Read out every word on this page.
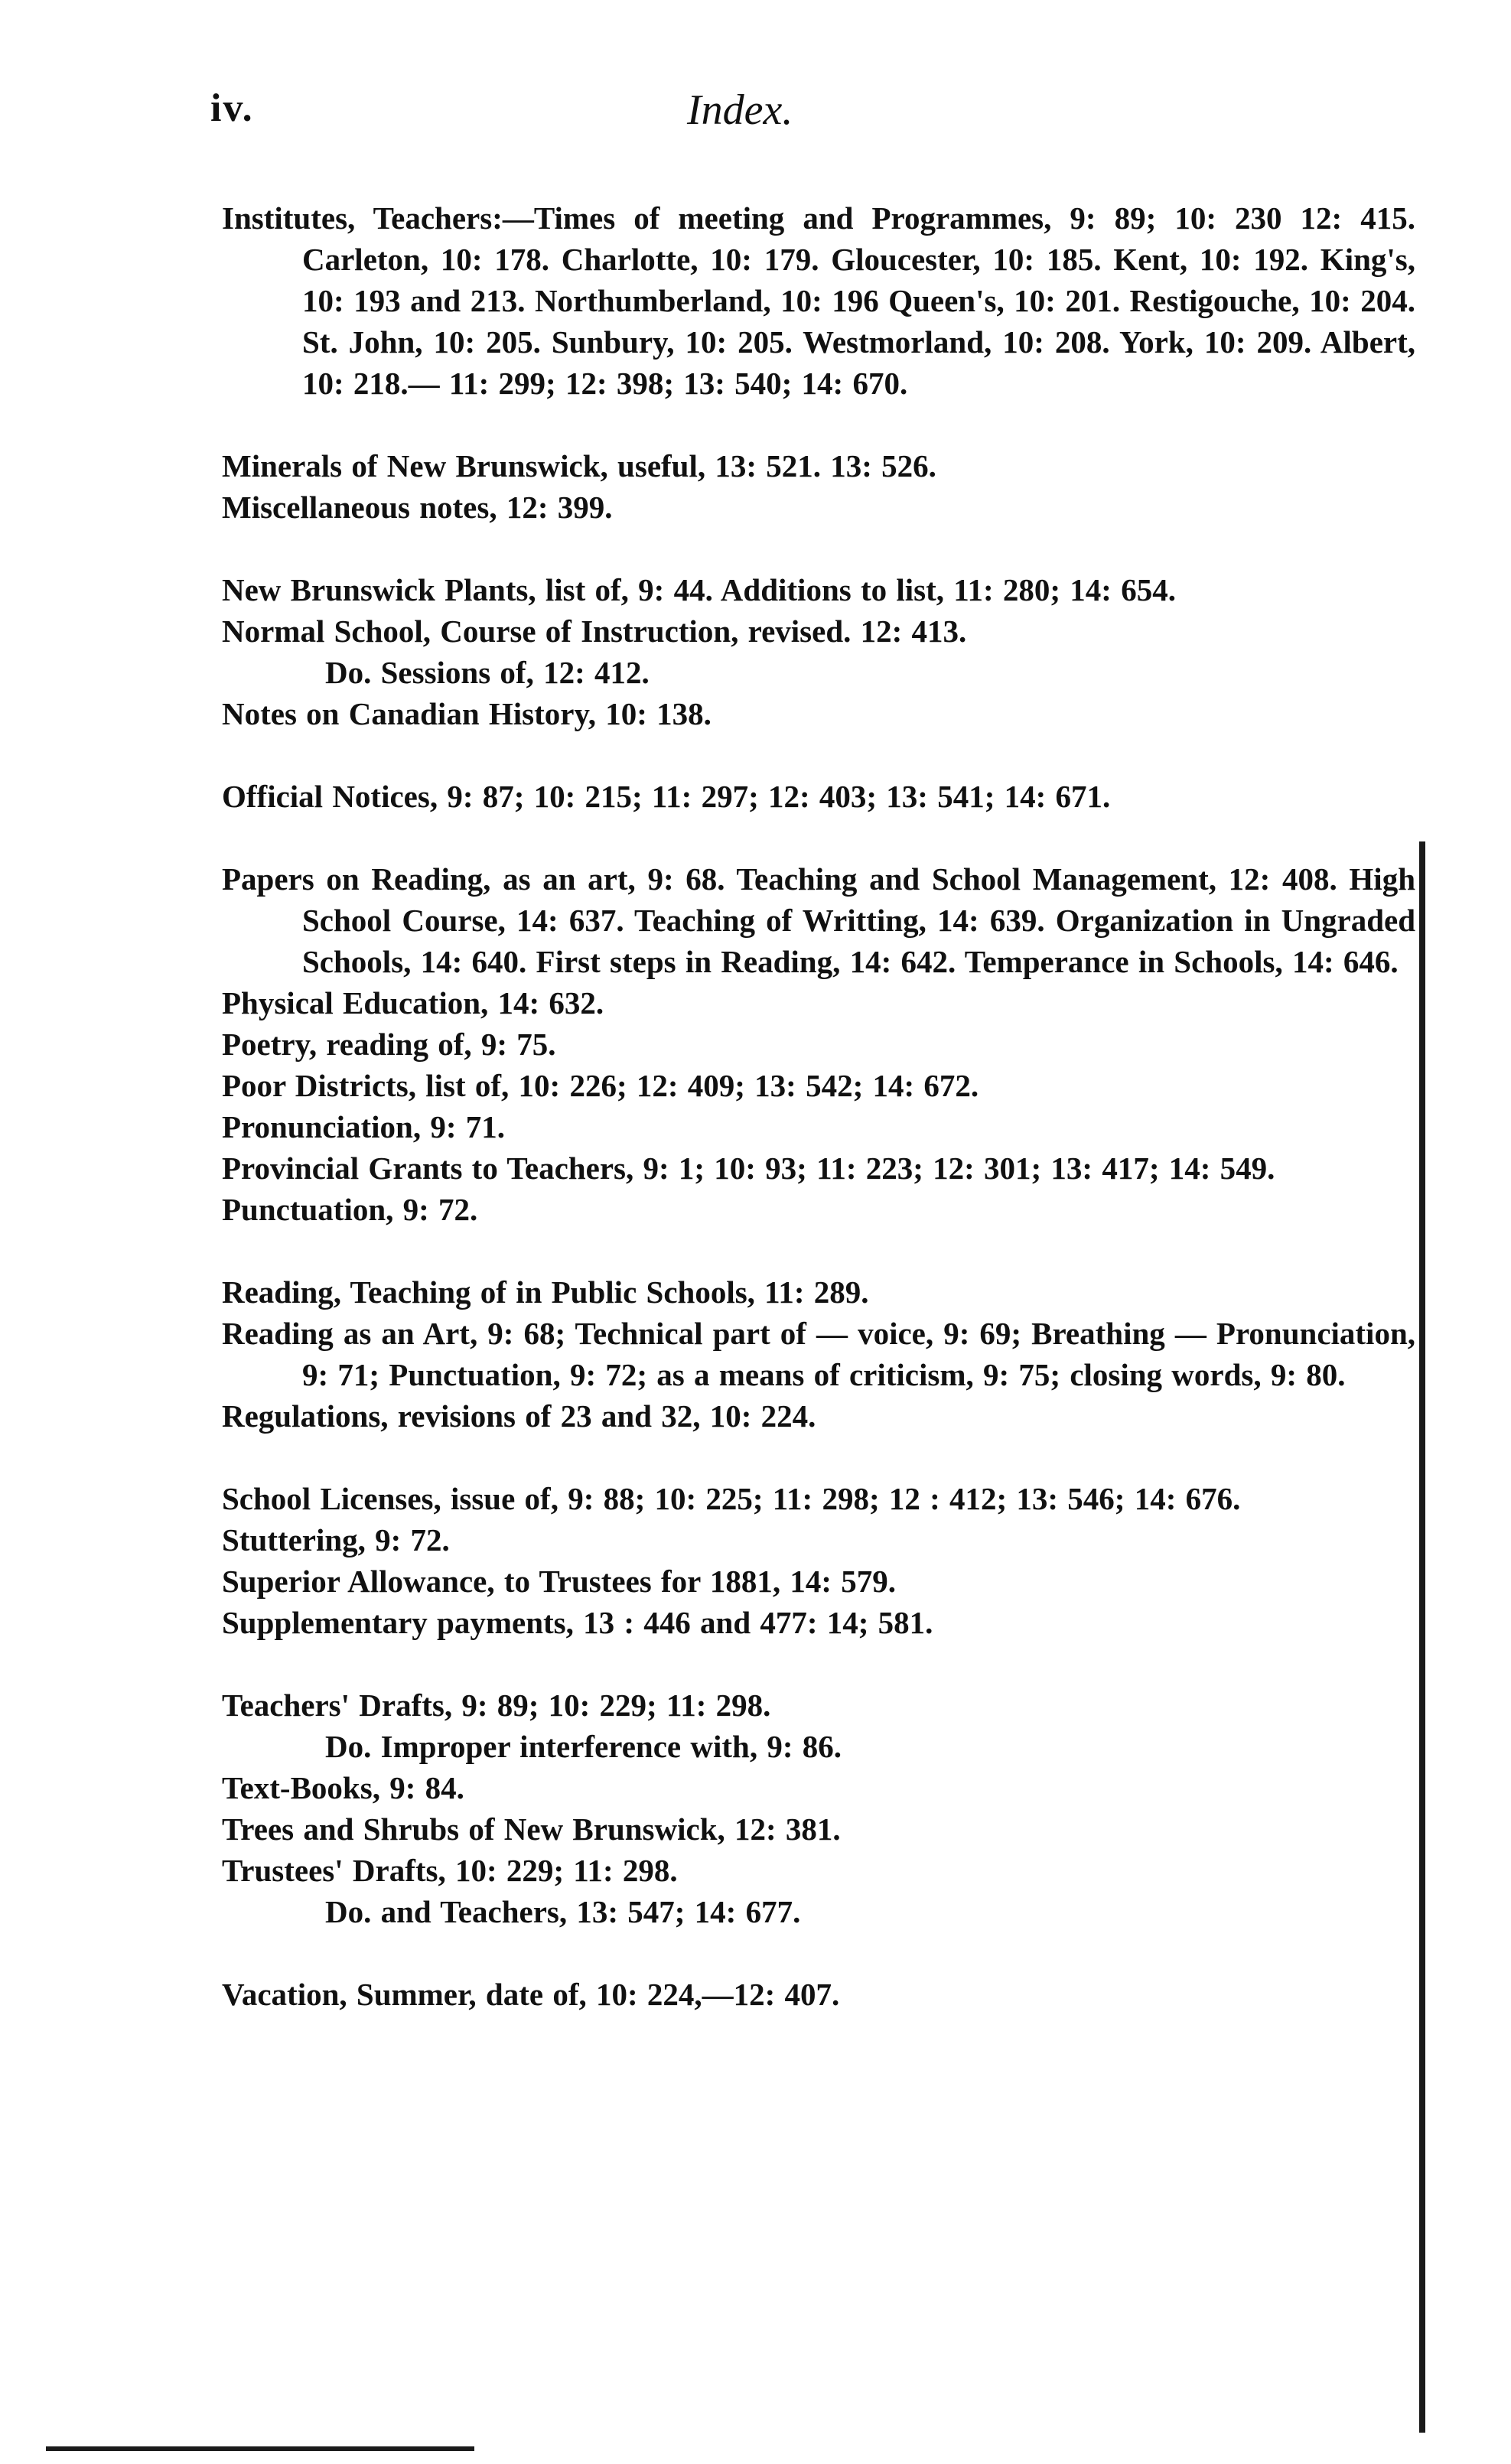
iv.	Index.
Institutes, Teachers:—Times of meeting and Programmes, 9: 89; 10: 230 12: 415. Carleton, 10: 178. Charlotte, 10: 179. Gloucester, 10: 185. Kent, 10: 192. King's, 10: 193 and 213. Northumberland, 10: 196 Queen's, 10: 201. Restigouche, 10: 204. St. John, 10: 205. Sunbury, 10: 205. Westmorland, 10: 208. York, 10: 209. Albert, 10: 218.— 11: 299; 12: 398; 13: 540; 14: 670.
Minerals of New Brunswick, useful, 13: 521. 13: 526.
Miscellaneous notes, 12: 399.
New Brunswick Plants, list of, 9: 44. Additions to list, 11: 280; 14: 654.
Normal School, Course of Instruction, revised. 12: 413.
Do. Sessions of, 12: 412.
Notes on Canadian History, 10: 138.
Official Notices, 9: 87; 10: 215; 11: 297; 12: 403; 13: 541; 14: 671.
Papers on Reading, as an art, 9: 68. Teaching and School Management, 12: 408. High School Course, 14: 637. Teaching of Writting, 14: 639. Organization in Ungraded Schools, 14: 640. First steps in Reading, 14: 642. Temperance in Schools, 14: 646.
Physical Education, 14: 632.
Poetry, reading of, 9: 75.
Poor Districts, list of, 10: 226; 12: 409; 13: 542; 14: 672.
Pronunciation, 9: 71.
Provincial Grants to Teachers, 9: 1; 10: 93; 11: 223; 12: 301; 13: 417; 14: 549.
Punctuation, 9: 72.
Reading, Teaching of in Public Schools, 11: 289.
Reading as an Art, 9: 68; Technical part of — voice, 9: 69; Breathing — Pronunciation, 9: 71; Punctuation, 9: 72; as a means of criticism, 9: 75; closing words, 9: 80.
Regulations, revisions of 23 and 32, 10: 224.
School Licenses, issue of, 9: 88; 10: 225; 11: 298; 12 : 412; 13: 546; 14: 676.
Stuttering, 9: 72.
Superior Allowance, to Trustees for 1881, 14: 579.
Supplementary payments, 13 : 446 and 477: 14; 581.
Teachers' Drafts, 9: 89; 10: 229; 11: 298.
Do. Improper interference with, 9: 86.
Text-Books, 9: 84.
Trees and Shrubs of New Brunswick, 12: 381.
Trustees' Drafts, 10: 229; 11: 298.
Do. and Teachers, 13: 547; 14: 677.
Vacation, Summer, date of, 10: 224,—12: 407.
